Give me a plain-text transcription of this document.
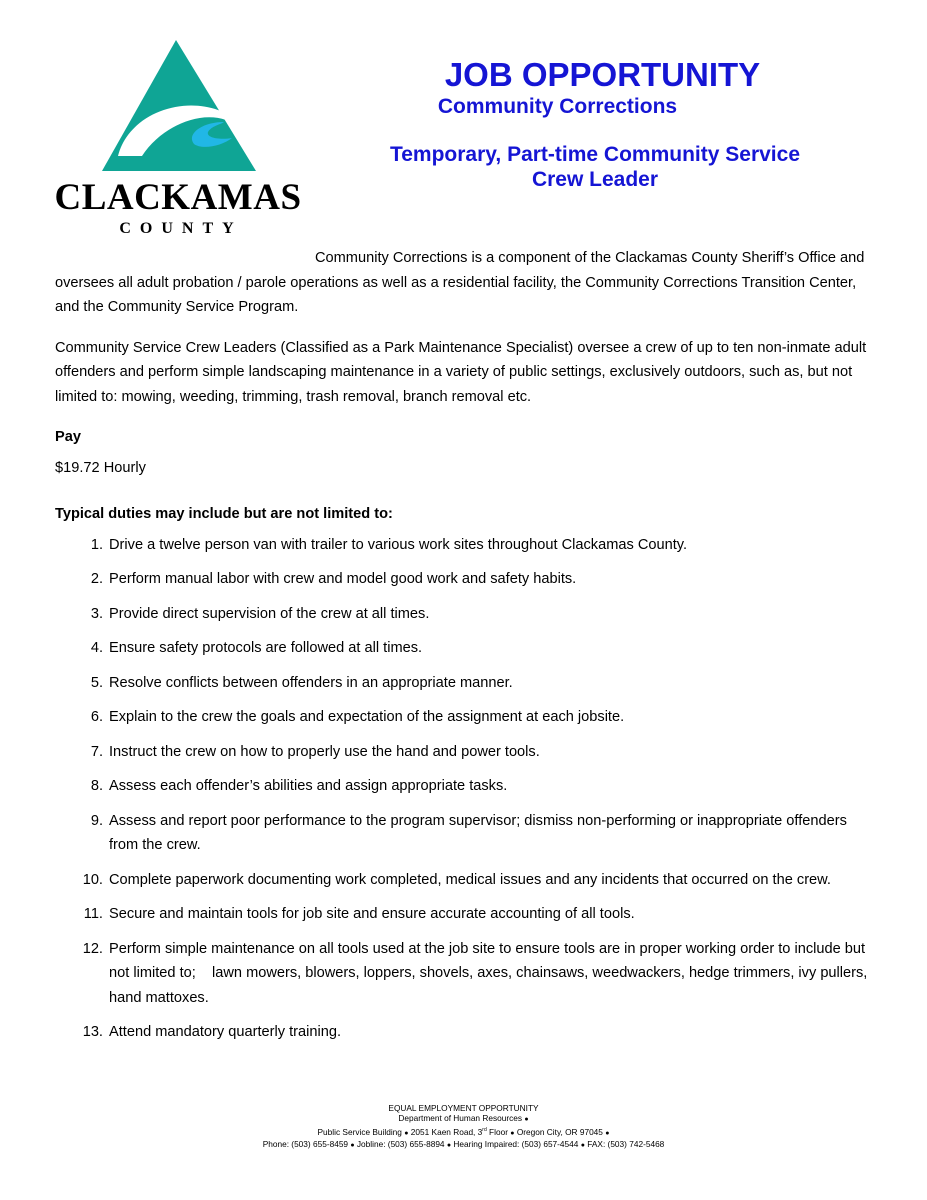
CLACKAMAS
COUNTY
JOB OPPORTUNITY
Community Corrections
Temporary, Part-time Community Service
Crew Leader

Community Corrections is a component of the Clackamas County Sheriff’s Office and oversees all adult probation / parole operations as well as a residential facility, the Community Corrections Transition Center, and the Community Service Program.

Community Service Crew Leaders (Classified as a Park Maintenance Specialist) oversee a crew of up to ten non-inmate adult offenders and perform simple landscaping maintenance in a variety of public settings, exclusively outdoors, such as, but not limited to: mowing, weeding, trimming, trash removal, branch removal etc.

Pay

$19.72 Hourly

Typical duties may include but are not limited to:

1. Drive a twelve person van with trailer to various work sites throughout Clackamas County.
2. Perform manual labor with crew and model good work and safety habits.
3. Provide direct supervision of the crew at all times.
4. Ensure safety protocols are followed at all times.
5. Resolve conflicts between offenders in an appropriate manner.
6. Explain to the crew the goals and expectation of the assignment at each jobsite.
7. Instruct the crew on how to properly use the hand and power tools.
8. Assess each offender’s abilities and assign appropriate tasks.
9. Assess and report poor performance to the program supervisor; dismiss non-performing or inappropriate offenders from the crew.
10. Complete paperwork documenting work completed, medical issues and any incidents that occurred on the crew.
11. Secure and maintain tools for job site and ensure accurate accounting of all tools.
12. Perform simple maintenance on all tools used at the job site to ensure tools are in proper working order to include but not limited to;    lawn mowers, blowers, loppers, shovels, axes, chainsaws, weedwackers, hedge trimmers, ivy pullers, hand mattoxes.
13. Attend mandatory quarterly training.
EQUAL EMPLOYMENT OPPORTUNITY
Department of Human Resources ●
Public Service Building ● 2051 Kaen Road, 3rd Floor ● Oregon City, OR 97045 ●
Phone: (503) 655-8459 ● Jobline: (503) 655-8894 ● Hearing Impaired: (503) 657-4544 ● FAX: (503) 742-5468
